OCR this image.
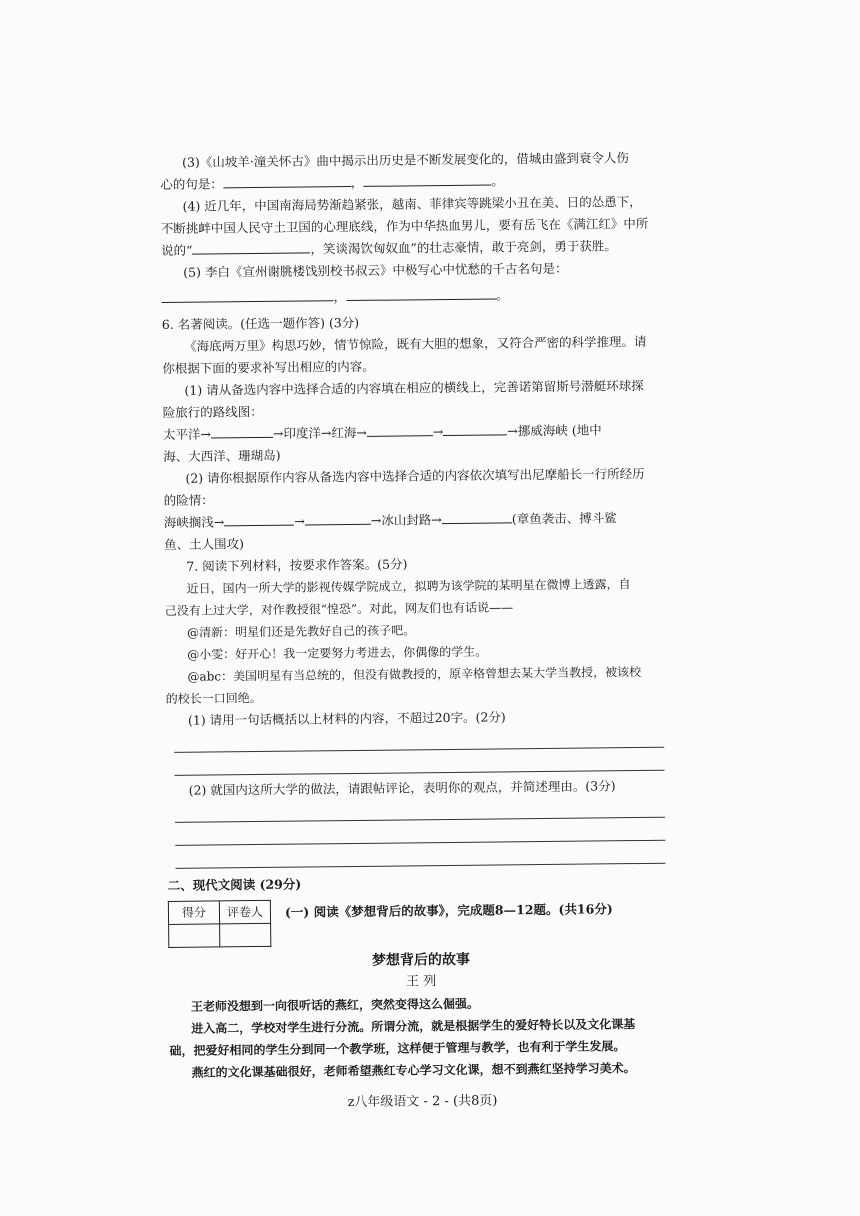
(3)《山坡羊·潼关怀古》曲中揭示出历史是不断发展变化的，借城由盛到衰令人伤
心的句是：	，	。
(4) 近几年，中国南海局势渐趋紧张，越南、菲律宾等跳梁小丑在美、日的怂恿下，
不断挑衅中国人民守土卫国的心理底线，作为中华热血男儿，要有岳飞在《满江红》中所
说的“	，笑谈渴饮匈奴血”的壮志豪情，敢于亮剑，勇于获胜。
(5) 李白《宣州谢朓楼饯别校书叔云》中极写心中忧愁的千古名句是：
，	。
6. 名著阅读。(任选一题作答) (3分)
《海底两万里》构思巧妙，情节惊险，既有大胆的想象，又符合严密的科学推理。请
你根据下面的要求补写出相应的内容。
(1) 请从备选内容中选择合适的内容填在相应的横线上，完善诺第留斯号潜艇环球探
险旅行的路线图：
太平洋→	→印度洋→红海→	→	→挪威海峡 (地中
海、大西洋、珊瑚岛)
(2) 请你根据原作内容从备选内容中选择合适的内容依次填写出尼摩船长一行所经历
的险情：
海峡搁浅→	→	→冰山封路→	(章鱼袭击、搏斗鲨
鱼、土人围攻)
7. 阅读下列材料，按要求作答案。(5分)
近日，国内一所大学的影视传媒学院成立，拟聘为该学院的某明星在微博上透露，自
己没有上过大学，对作教授很“惶恐”。对此，网友们也有话说——
@清新：明星们还是先教好自己的孩子吧。
@小雯：好开心！我一定要努力考进去，你偶像的学生。
@abc：美国明星有当总统的，但没有做教授的，原辛格曾想去某大学当教授，被该校
的校长一口回绝。
(1) 请用一句话概括以上材料的内容，不超过20字。(2分)
(2) 就国内这所大学的做法，请跟帖评论，表明你的观点，并简述理由。(3分)
二、现代文阅读 (29分)
得分	评卷人
		(一) 阅读《梦想背后的故事》，完成题8—12题。(共16分)
梦想背后的故事
王 列
王老师没想到一向很听话的燕红，突然变得这么倔强。
进入高二，学校对学生进行分流。所谓分流，就是根据学生的爱好特长以及文化课基
础，把爱好相同的学生分到同一个教学班，这样便于管理与教学，也有利于学生发展。
燕红的文化课基础很好，老师希望燕红专心学习文化课，想不到燕红坚持学习美术。
z八年级语文 - 2 - (共8页)
